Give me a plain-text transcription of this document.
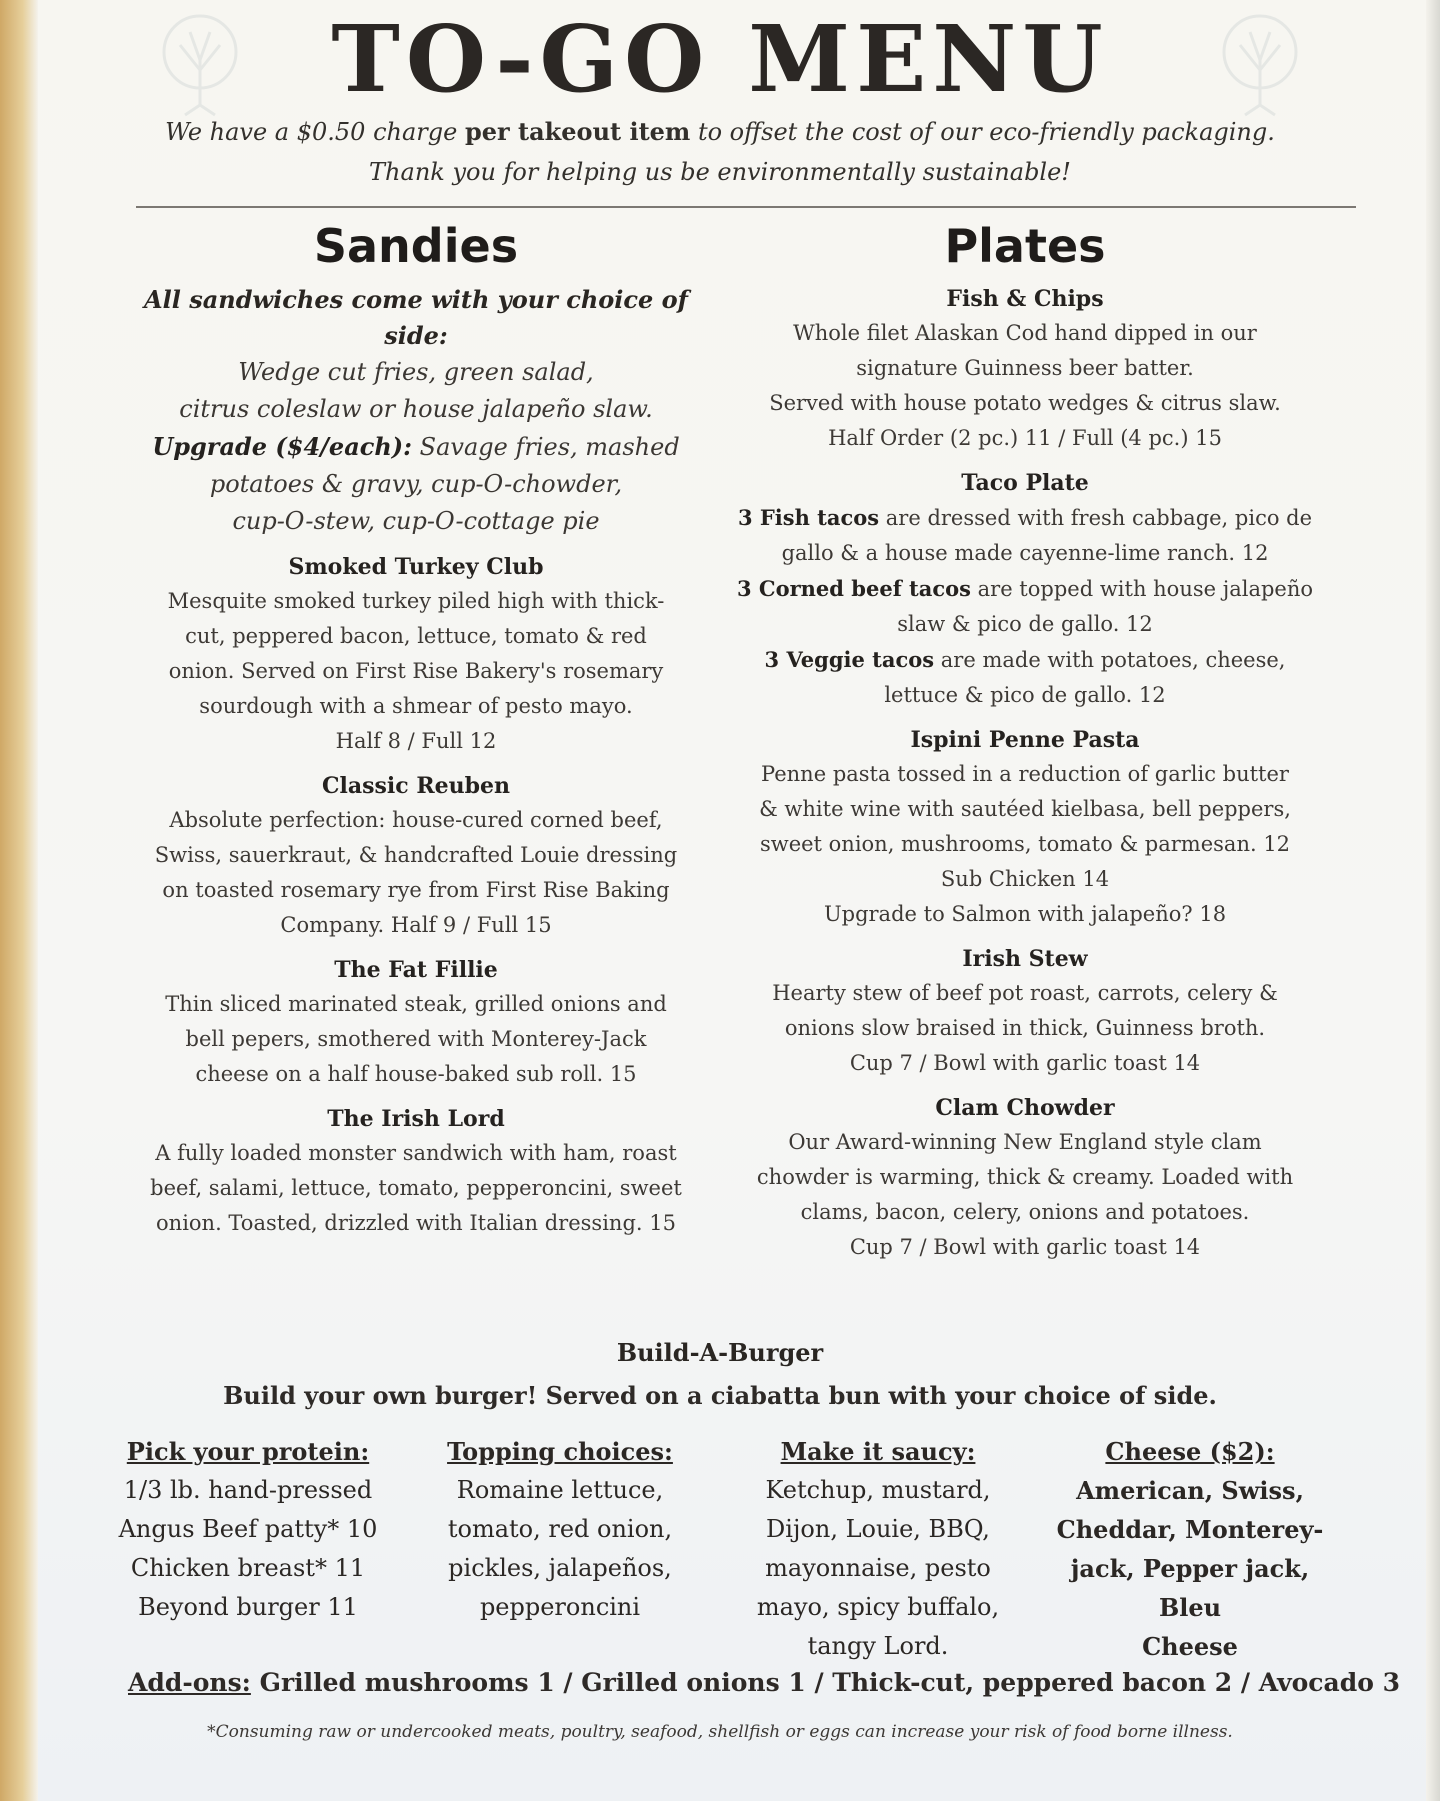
TO-GO MENU
We have a $0.50 charge per takeout item to offset the cost of our eco-friendly packaging.
Thank you for helping us be environmentally sustainable!
Sandies
All sandwiches come with your choice of side:
Wedge cut fries, green salad,
citrus coleslaw or house jalapeño slaw.
Upgrade ($4/each): Savage fries, mashed
potatoes & gravy, cup-O-chowder,
cup-O-stew, cup-O-cottage pie
Smoked Turkey Club
Mesquite smoked turkey piled high with thick-
cut, peppered bacon, lettuce, tomato & red
onion. Served on First Rise Bakery's rosemary
sourdough with a shmear of pesto mayo.
Half 8 / Full 12
Classic Reuben
Absolute perfection: house-cured corned beef,
Swiss, sauerkraut, & handcrafted Louie dressing
on toasted rosemary rye from First Rise Baking
Company. Half 9 / Full 15
The Fat Fillie
Thin sliced marinated steak, grilled onions and
bell pepers, smothered with Monterey-Jack
cheese on a half house-baked sub roll. 15
The Irish Lord
A fully loaded monster sandwich with ham, roast
beef, salami, lettuce, tomato, pepperoncini, sweet
onion. Toasted, drizzled with Italian dressing. 15
Plates
Fish & Chips
Whole filet Alaskan Cod hand dipped in our
signature Guinness beer batter.
Served with house potato wedges & citrus slaw.
Half Order (2 pc.) 11 / Full (4 pc.) 15
Taco Plate
3 Fish tacos are dressed with fresh cabbage, pico de
gallo & a house made cayenne-lime ranch. 12
3 Corned beef tacos are topped with house jalapeño
slaw & pico de gallo. 12
3 Veggie tacos are made with potatoes, cheese,
lettuce & pico de gallo. 12
Ispini Penne Pasta
Penne pasta tossed in a reduction of garlic butter
& white wine with sautéed kielbasa, bell peppers,
sweet onion, mushrooms, tomato & parmesan. 12
Sub Chicken 14
Upgrade to Salmon with jalapeño? 18
Irish Stew
Hearty stew of beef pot roast, carrots, celery &
onions slow braised in thick, Guinness broth.
Cup 7 / Bowl with garlic toast 14
Clam Chowder
Our Award-winning New England style clam
chowder is warming, thick & creamy. Loaded with
clams, bacon, celery, onions and potatoes.
Cup 7 / Bowl with garlic toast 14
Build-A-Burger
Build your own burger! Served on a ciabatta bun with your choice of side.
Pick your protein:
1/3 lb. hand-pressed
Angus Beef patty* 10
Chicken breast* 11
Beyond burger 11
Topping choices:
Romaine lettuce,
tomato, red onion,
pickles, jalapeños,
pepperoncini
Make it saucy:
Ketchup, mustard,
Dijon, Louie, BBQ,
mayonnaise, pesto
mayo, spicy buffalo,
tangy Lord.
Cheese ($2):
American, Swiss,
Cheddar, Monterey-
jack, Pepper jack, Bleu
Cheese
Add-ons: Grilled mushrooms 1 / Grilled onions 1 / Thick-cut, peppered bacon 2 / Avocado 3
*Consuming raw or undercooked meats, poultry, seafood, shellfish or eggs can increase your risk of food borne illness.
